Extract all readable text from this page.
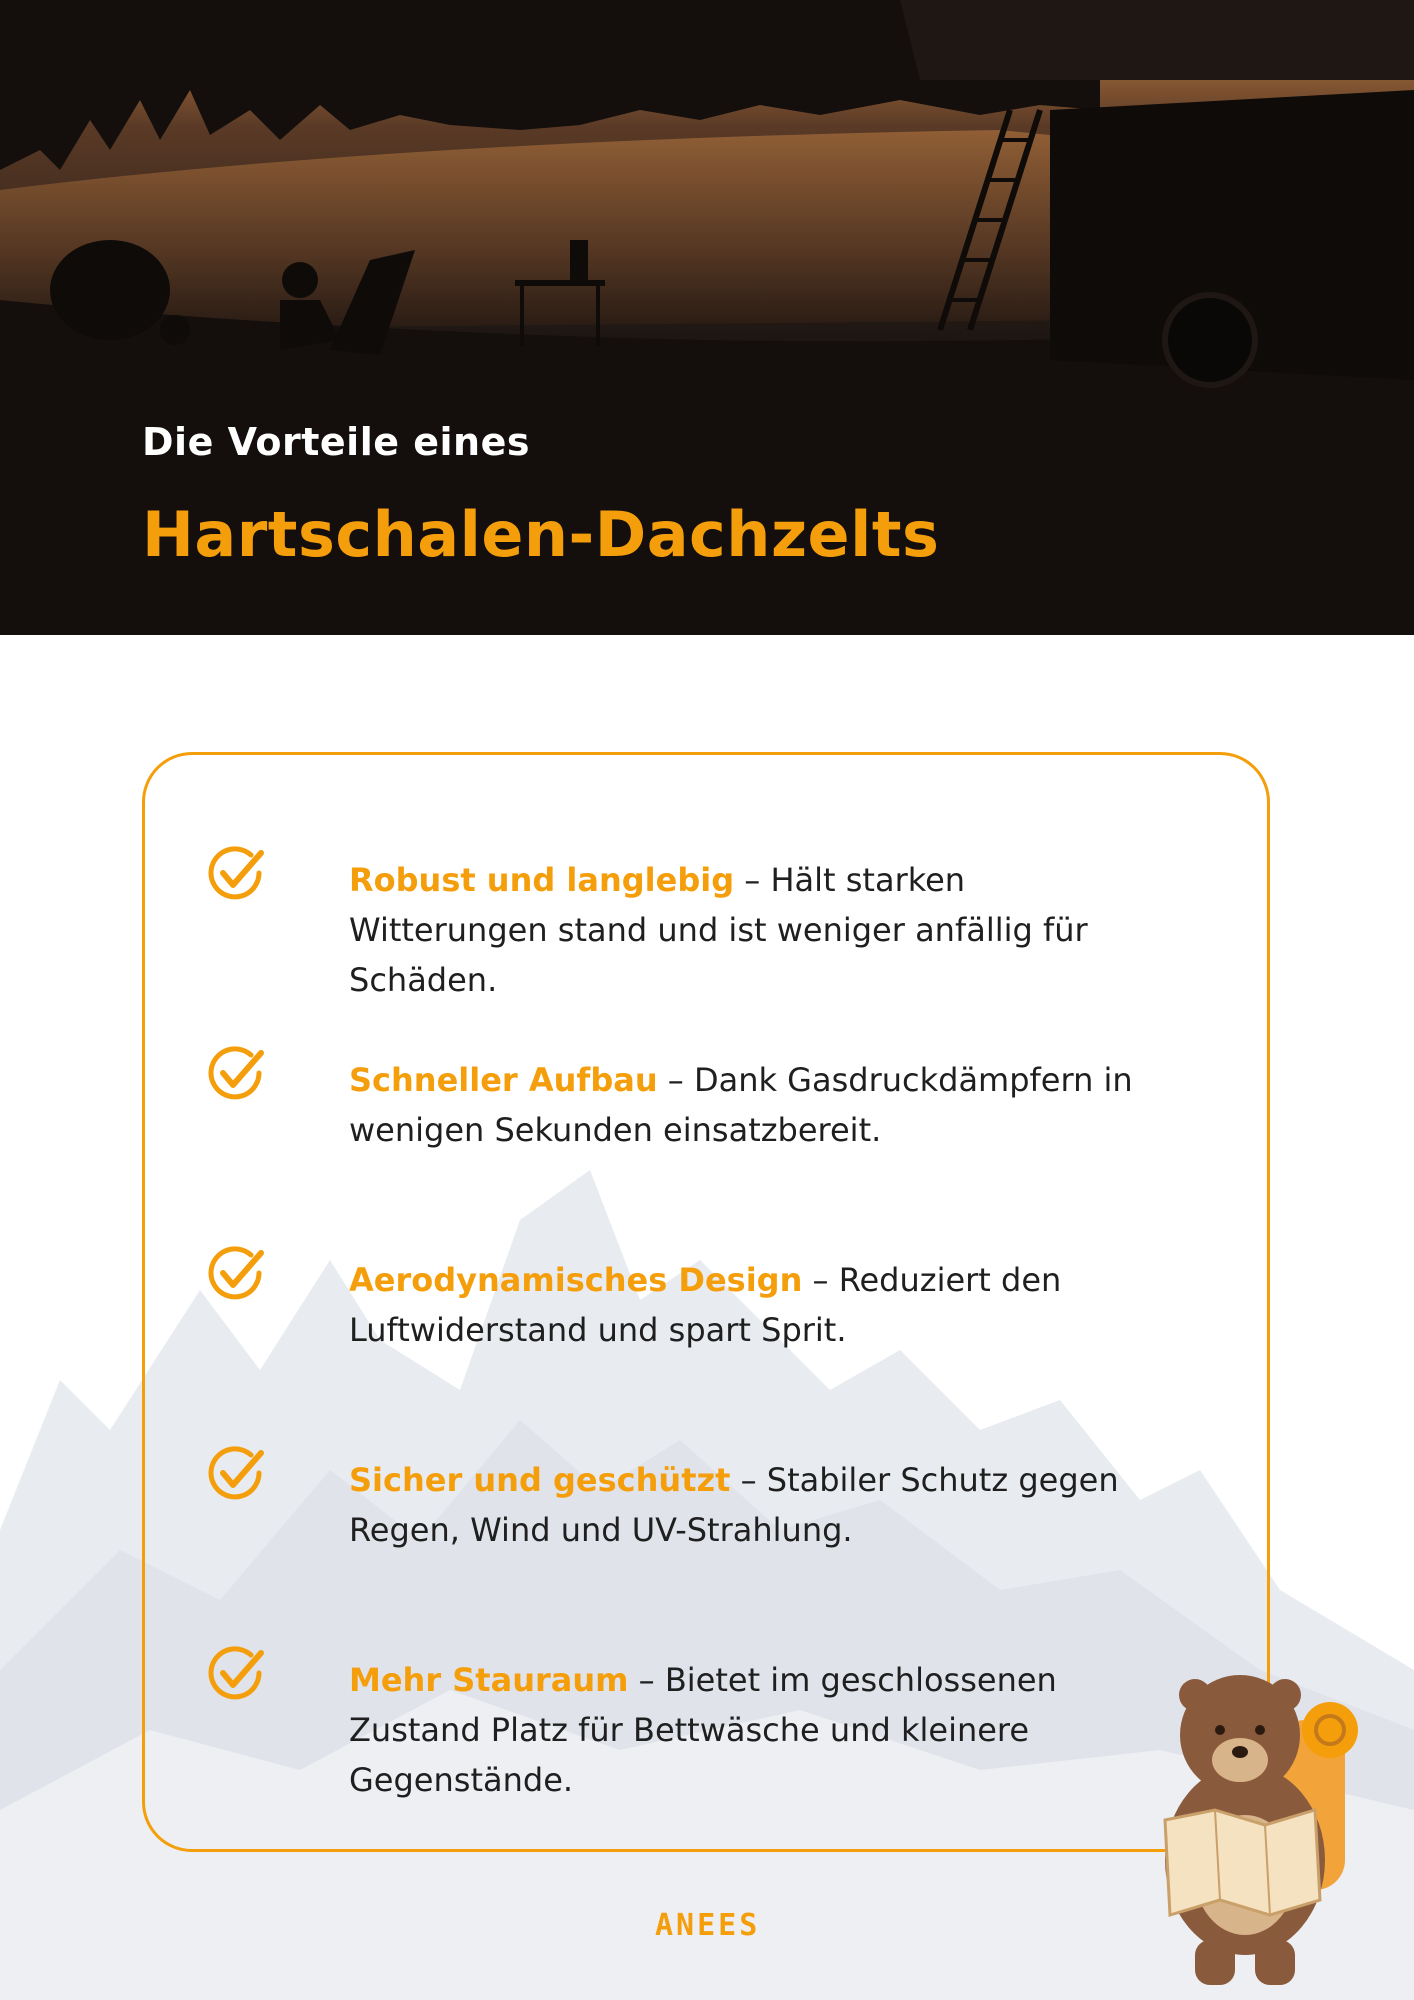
Die Vorteile eines
Hartschalen-Dachzelts
Robust und langlebig – Hält starken Witterungen stand und ist weniger anfällig für Schäden.
Schneller Aufbau – Dank Gasdruckdämpfern in wenigen Sekunden einsatzbereit.
Aerodynamisches Design – Reduziert den Luftwiderstand und spart Sprit.
Sicher und geschützt – Stabiler Schutz gegen Regen, Wind und UV-Strahlung.
Mehr Stauraum – Bietet im geschlossenen Zustand Platz für Bettwäsche und kleinere Gegenstände.
ANEES
